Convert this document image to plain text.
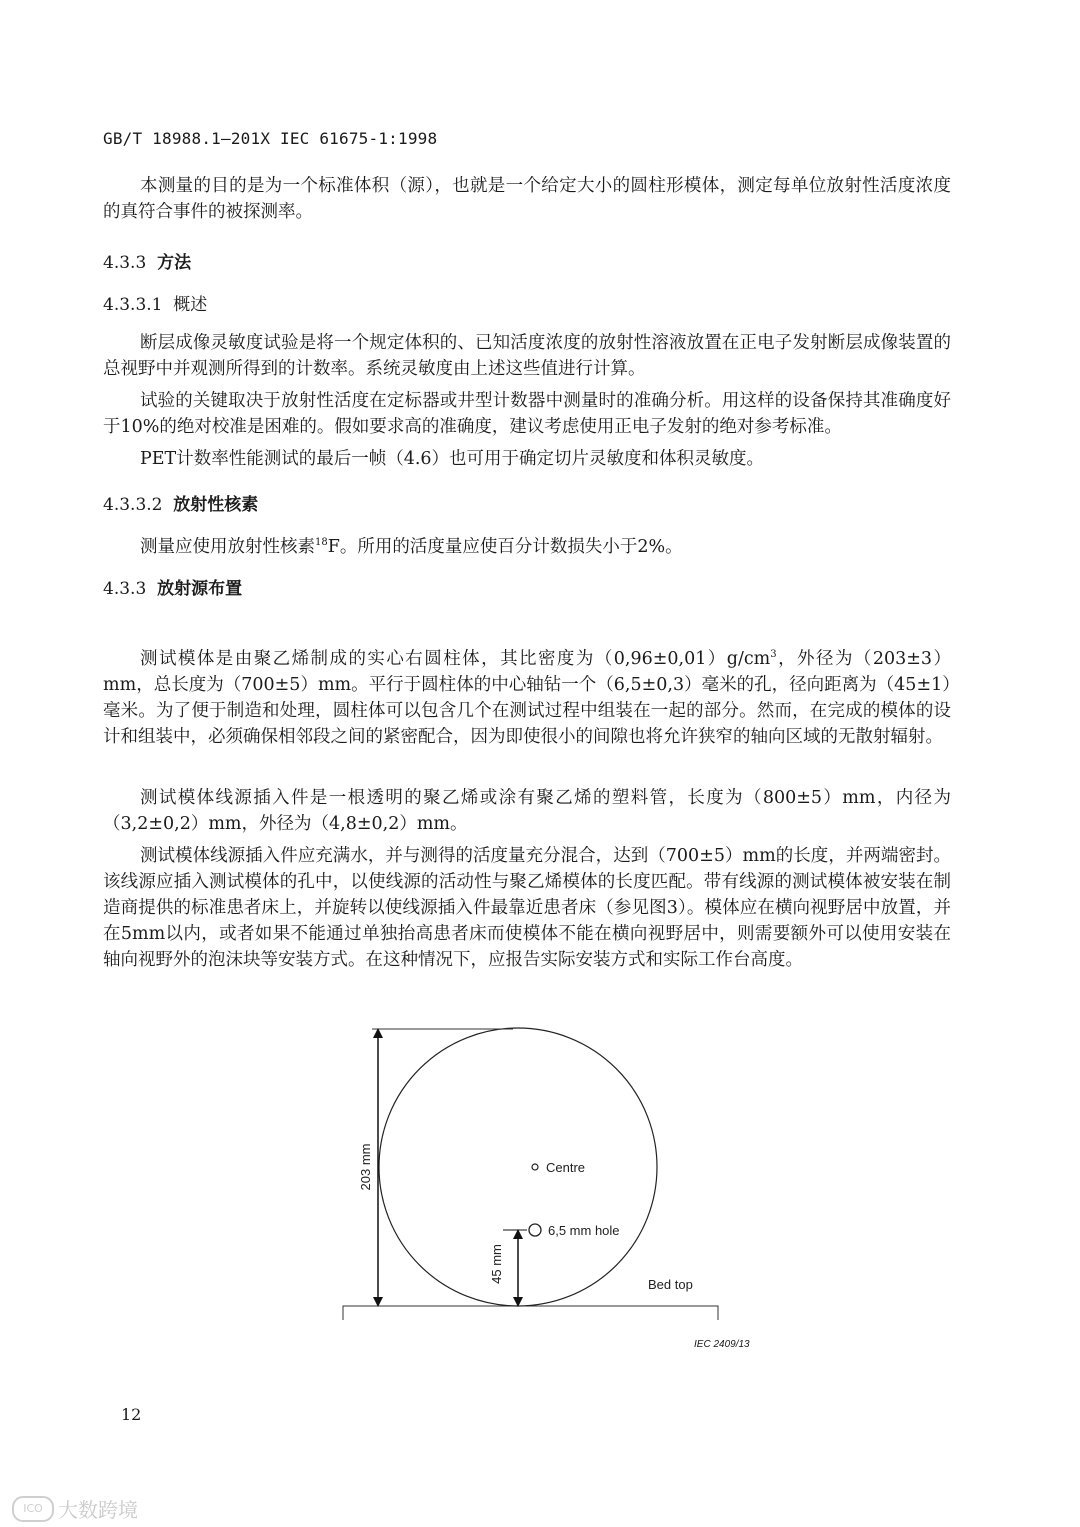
GB/T 18988.1—201X IEC 61675-1:1998
本测量的目的是为一个标准体积（源），也就是一个给定大小的圆柱形模体，测定每单位放射性活度浓度的真符合事件的被探测率。
4.3.3 方法
4.3.3.1 概述
断层成像灵敏度试验是将一个规定体积的、已知活度浓度的放射性溶液放置在正电子发射断层成像装置的总视野中并观测所得到的计数率。系统灵敏度由上述这些值进行计算。
试验的关键取决于放射性活度在定标器或井型计数器中测量时的准确分析。用这样的设备保持其准确度好于10%的绝对校准是困难的。假如要求高的准确度，建议考虑使用正电子发射的绝对参考标准。
PET计数率性能测试的最后一帧（4.6）也可用于确定切片灵敏度和体积灵敏度。
4.3.3.2 放射性核素
测量应使用放射性核素$^{18}$F。所用的活度量应使百分计数损失小于2%。
4.3.3 放射源布置
测试模体是由聚乙烯制成的实心右圆柱体，其比密度为$(0,96\pm 0,01)g/cm^3$，外径为（203±3）mm，总长度为（700±5）mm。平行于圆柱体的中心轴钻一个（6,5±0,3）毫米的孔，径向距离为（45±1）毫米。为了便于制造和处理，圆柱体可以包含几个在测试过程中组装在一起的部分。然而，在完成的模体的设计和组装中，必须确保相邻段之间的紧密配合，因为即使很小的间隙也将允许狭窄的轴向区域的无散射辐射。
测试模体线源插入件是一根透明的聚乙烯或涂有聚乙烯的塑料管，长度为（800±5）mm，内径为（3,2±0,2）mm，外径为（4,8±0,2）mm。
测试模体线源插入件应充满水，并与测得的活度量充分混合，达到（700±5）mm的长度，并两端密封。该线源应插入测试模体的孔中，以使线源的活动性与聚乙烯模体的长度匹配。带有线源的测试模体被安装在制造商提供的标准患者床上，并旋转以使线源插入件最靠近患者床（参见图3）。模体应在横向视野居中放置，并在5mm以内，或者如果不能通过单独抬高患者床而使模体不能在横向视野居中，则需要额外可以使用安装在轴向视野外的泡沫块等安装方式。在这种情况下，应报告实际安装方式和实际工作台高度。
Centre
6,5 mm hole
Bed top
203 mm
45 mm
IEC 2409/13
12
ICO 大数跨境
